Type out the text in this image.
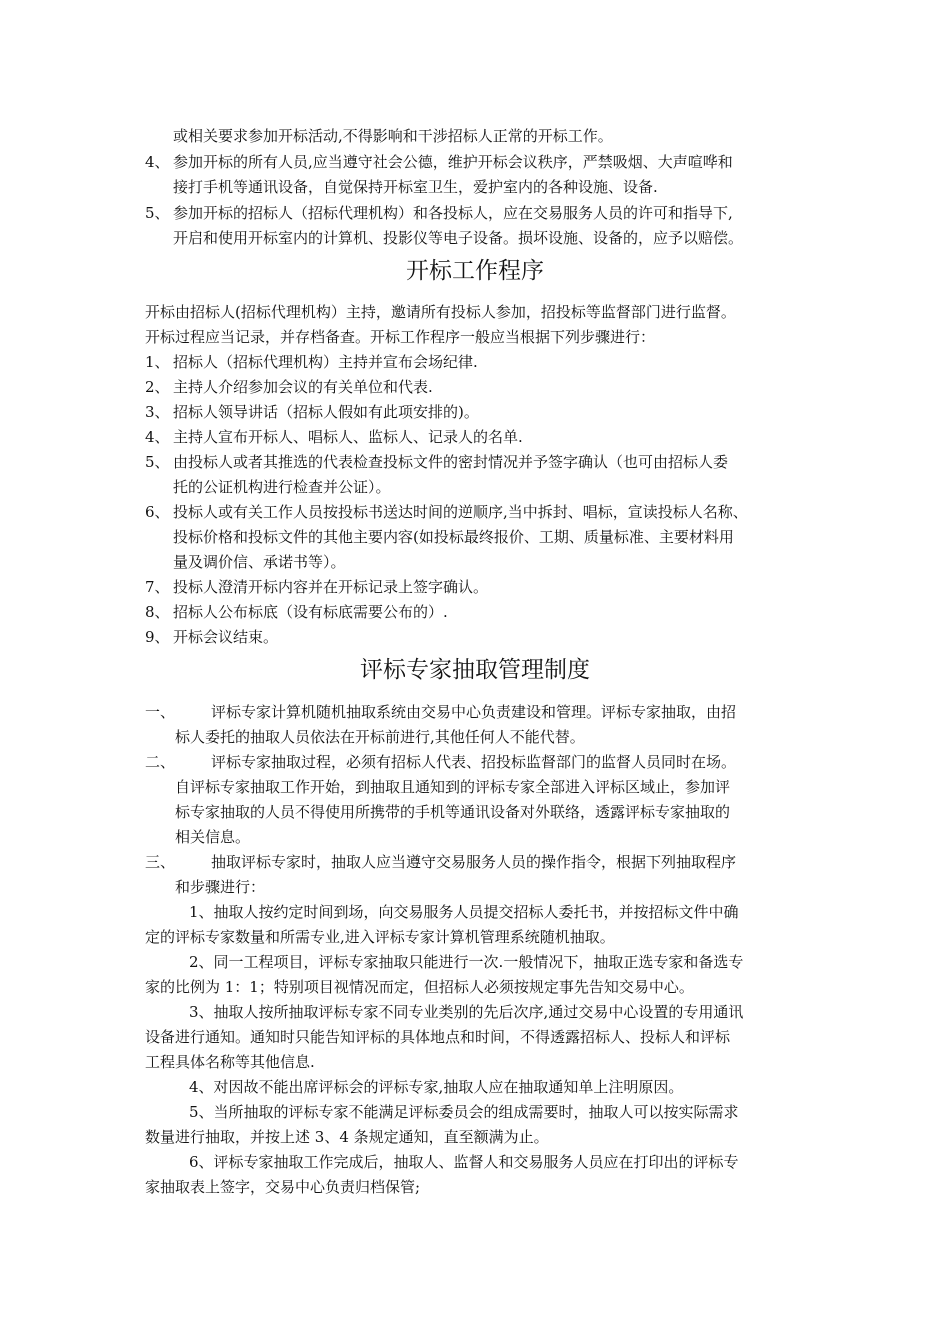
或相关要求参加开标活动,不得影响和干涉招标人正常的开标工作。
4、 参加开标的所有人员,应当遵守社会公德，维护开标会议秩序，严禁吸烟、大声喧哗和
接打手机等通讯设备，自觉保持开标室卫生，爱护室内的各种设施、设备.
5、 参加开标的招标人（招标代理机构）和各投标人，应在交易服务人员的许可和指导下,
开启和使用开标室内的计算机、投影仪等电子设备。损坏设施、设备的，应予以赔偿。
开标工作程序
开标由招标人(招标代理机构）主持，邀请所有投标人参加，招投标等监督部门进行监督。
开标过程应当记录，并存档备查。开标工作程序一般应当根据下列步骤进行：
1、 招标人（招标代理机构）主持并宣布会场纪律.
2、 主持人介绍参加会议的有关单位和代表.
3、 招标人领导讲话（招标人假如有此项安排的)。
4、 主持人宣布开标人、唱标人、监标人、记录人的名单.
5、 由投标人或者其推选的代表检查投标文件的密封情况并予签字确认（也可由招标人委
托的公证机构进行检查并公证）。
6、 投标人或有关工作人员按投标书送达时间的逆顺序,当中拆封、唱标，宣读投标人名称、
投标价格和投标文件的其他主要内容(如投标最终报价、工期、质量标准、主要材料用
量及调价信、承诺书等）。
7、 投标人澄清开标内容并在开标记录上签字确认。
8、 招标人公布标底（设有标底需要公布的）.
9、 开标会议结束。
评标专家抽取管理制度
一、 评标专家计算机随机抽取系统由交易中心负责建设和管理。评标专家抽取，由招
标人委托的抽取人员依法在开标前进行,其他任何人不能代替。
二、 评标专家抽取过程，必须有招标人代表、招投标监督部门的监督人员同时在场。
自评标专家抽取工作开始，到抽取且通知到的评标专家全部进入评标区域止，参加评
标专家抽取的人员不得使用所携带的手机等通讯设备对外联络，透露评标专家抽取的
相关信息。
三、 抽取评标专家时，抽取人应当遵守交易服务人员的操作指令，根据下列抽取程序
和步骤进行：
1、抽取人按约定时间到场，向交易服务人员提交招标人委托书，并按招标文件中确
定的评标专家数量和所需专业,进入评标专家计算机管理系统随机抽取。
2、同一工程项目，评标专家抽取只能进行一次.一般情况下，抽取正选专家和备选专
家的比例为 1：1；特别项目视情况而定，但招标人必须按规定事先告知交易中心。
3、抽取人按所抽取评标专家不同专业类别的先后次序,通过交易中心设置的专用通讯
设备进行通知。通知时只能告知评标的具体地点和时间，不得透露招标人、投标人和评标
工程具体名称等其他信息.
4、对因故不能出席评标会的评标专家,抽取人应在抽取通知单上注明原因。
5、当所抽取的评标专家不能满足评标委员会的组成需要时，抽取人可以按实际需求
数量进行抽取，并按上述 3、4 条规定通知，直至额满为止。
6、评标专家抽取工作完成后，抽取人、监督人和交易服务人员应在打印出的评标专
家抽取表上签字，交易中心负责归档保管;
